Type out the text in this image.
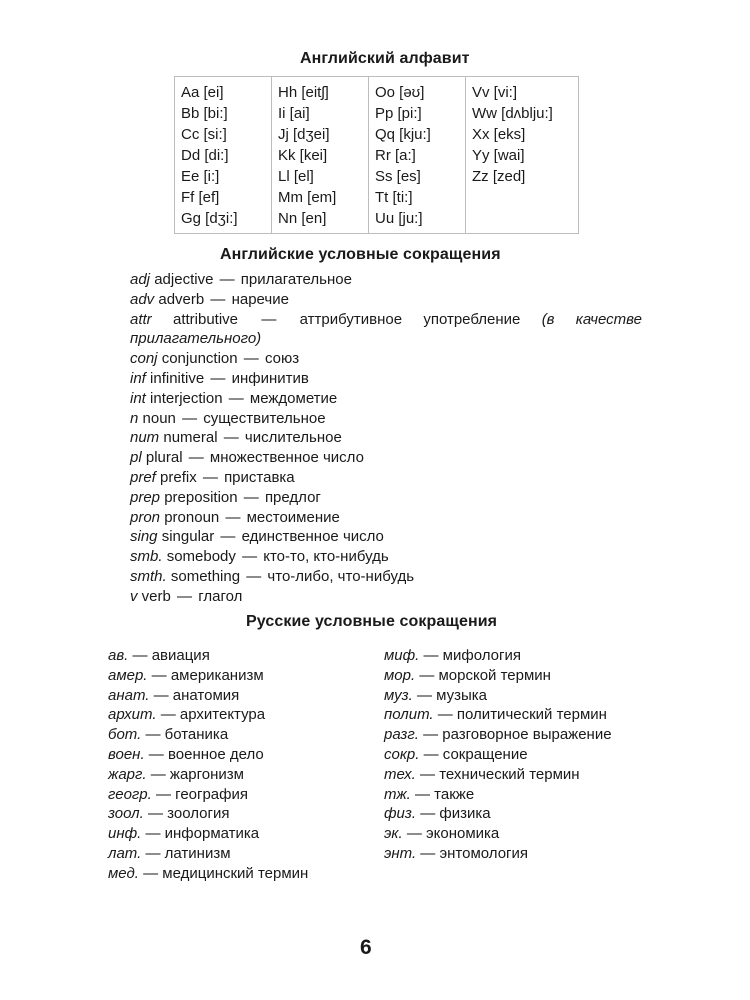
Английский алфавит
Aa [ei]
Bb [bi:]
Cc [si:]
Dd [di:]
Ee [i:]
Ff [ef]
Gg [dʒi:]

Hh [eitʃ]
Ii [ai]
Jj [dʒei]
Kk [kei]
Ll [el]
Mm [em]
Nn [en]

Oo [əʊ]
Pp [pi:]
Qq [kju:]
Rr [a:]
Ss [es]
Tt [ti:]
Uu [ju:]

Vv [vi:]
Ww [dʌblju:]
Xx [eks]
Yy [wai]
Zz [zed]
Английские условные сокращения
adj adjective — прилагательное
adv adverb — наречие
attr attributive — аттрибутивное употребление (в качестве прилагательного)
conj conjunction — союз
inf infinitive — инфинитив
int interjection — междометие
n noun — существительное
num numeral — числительное
pl plural — множественное число
pref prefix — приставка
prep preposition — предлог
pron pronoun — местоимение
sing singular — единственное число
smb. somebody — кто-то, кто-нибудь
smth. something — что-либо, что-нибудь
v verb — глагол
Русские условные сокращения
ав. — авиация
амер. — американизм
анат. — анатомия
архит. — архитектура
бот. — ботаника
воен. — военное дело
жарг. — жаргонизм
геогр. — география
зоол. — зоология
инф. — информатика
лат. — латинизм
мед. — медицинский термин
миф. — мифология
мор. — морской термин
муз. — музыка
полит. — политический термин
разг. — разговорное выражение
сокр. — сокращение
тех. — технический термин
тж. — также
физ. — физика
эк. — экономика
энт. — энтомология

6
